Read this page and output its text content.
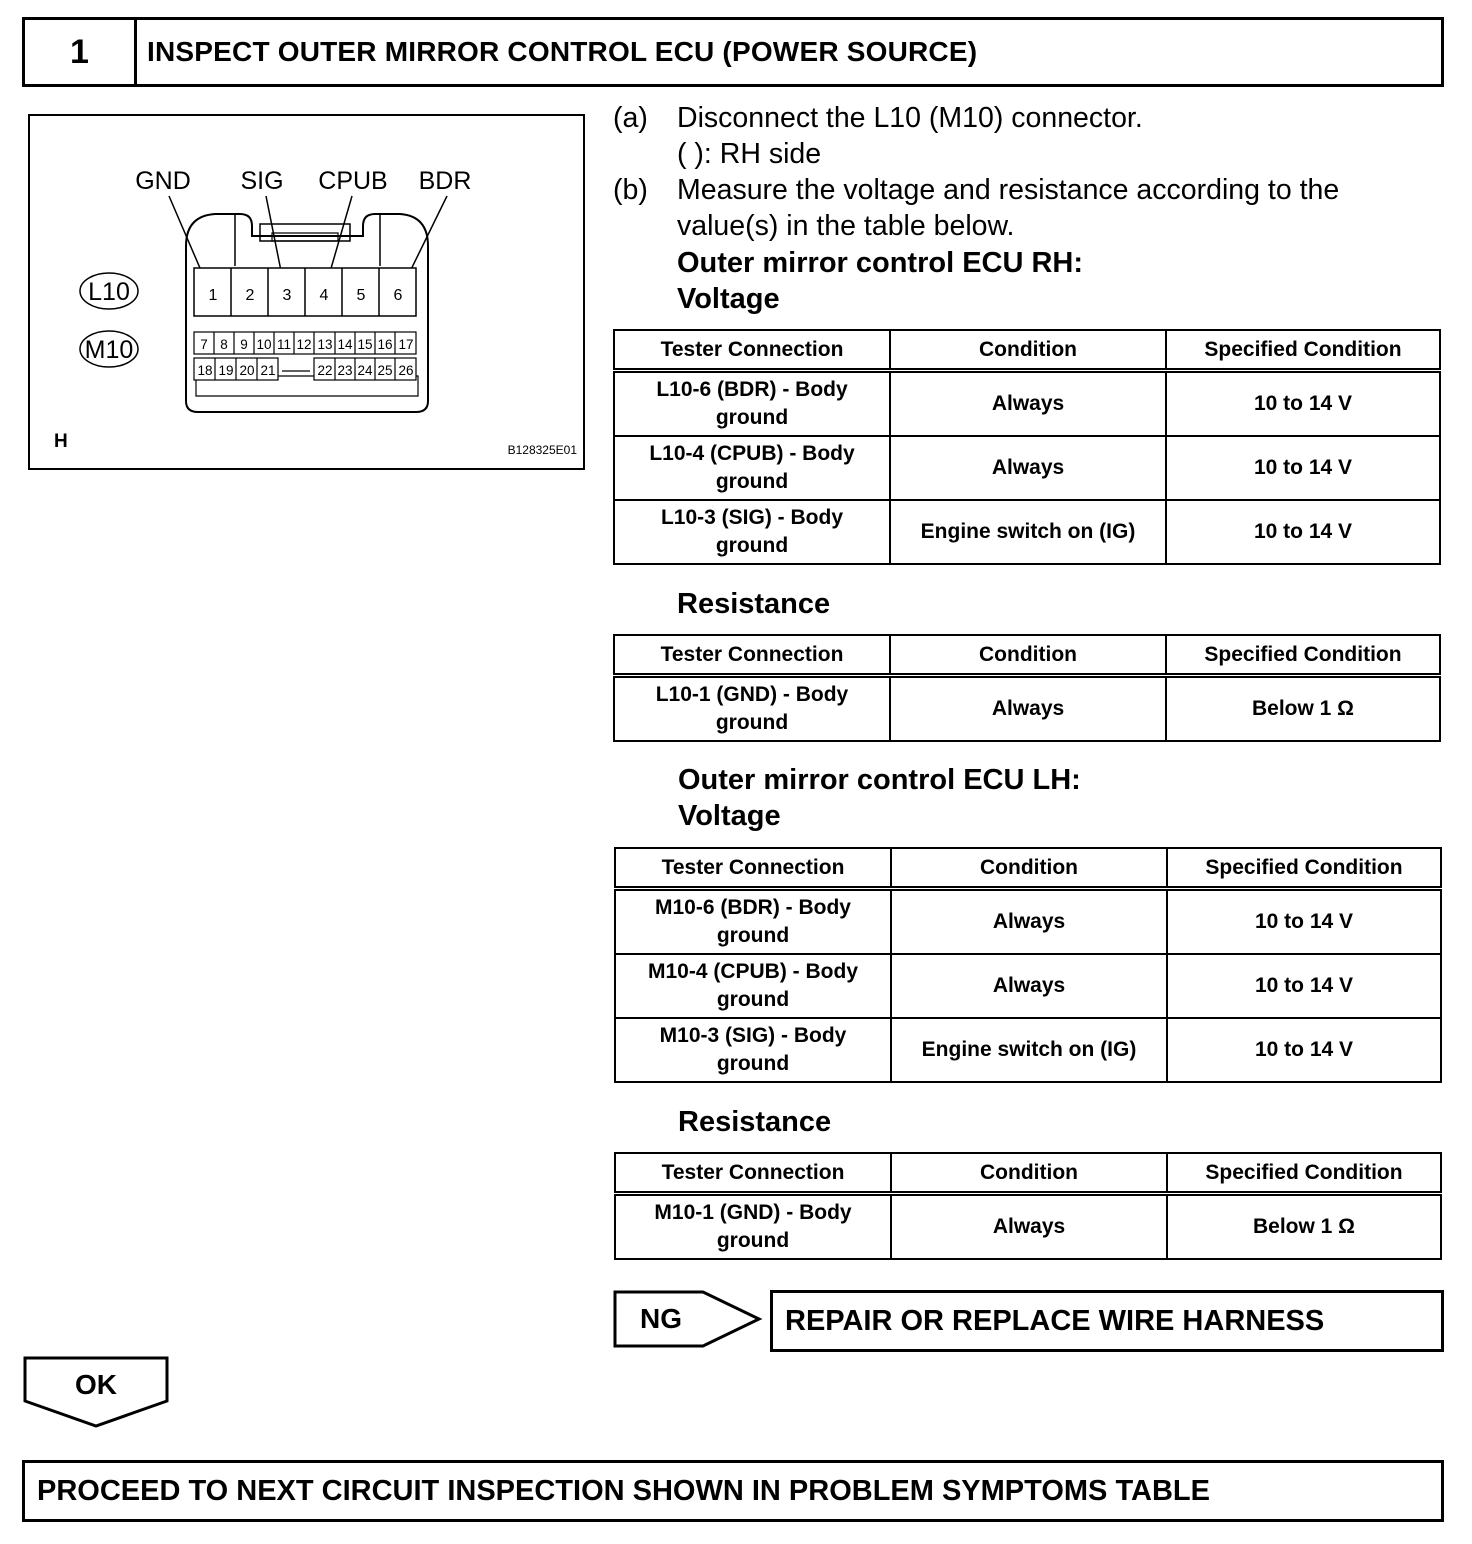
1	INSPECT OUTER MIRROR CONTROL ECU (POWER SOURCE)
GND SIG CPUB BDR
1 2 3 4 5 6
7 8 9 10 11 12 13 14 15 16 17
18 19 20 21	22 23 24 25 26
L10
M10
H	B128325E01
(a) Disconnect the L10 (M10) connector.
( ): RH side
(b) Measure the voltage and resistance according to the
value(s) in the table below.
Outer mirror control ECU RH:
Voltage
Tester Connection	Condition	Specified Condition
L10-6 (BDR) - Body
ground	Always	10 to 14 V
L10-4 (CPUB) - Body
ground	Always	10 to 14 V
L10-3 (SIG) - Body
ground	Engine switch on (IG)	10 to 14 V
Resistance
Tester Connection	Condition	Specified Condition
L10-1 (GND) - Body
ground	Always	Below 1 Ω
Outer mirror control ECU LH:
Voltage
Tester Connection	Condition	Specified Condition
M10-6 (BDR) - Body
ground	Always	10 to 14 V
M10-4 (CPUB) - Body
ground	Always	10 to 14 V
M10-3 (SIG) - Body
ground	Engine switch on (IG)	10 to 14 V
Resistance
Tester Connection	Condition	Specified Condition
M10-1 (GND) - Body
ground	Always	Below 1 Ω
NG	REPAIR OR REPLACE WIRE HARNESS
OK
PROCEED TO NEXT CIRCUIT INSPECTION SHOWN IN PROBLEM SYMPTOMS TABLE
